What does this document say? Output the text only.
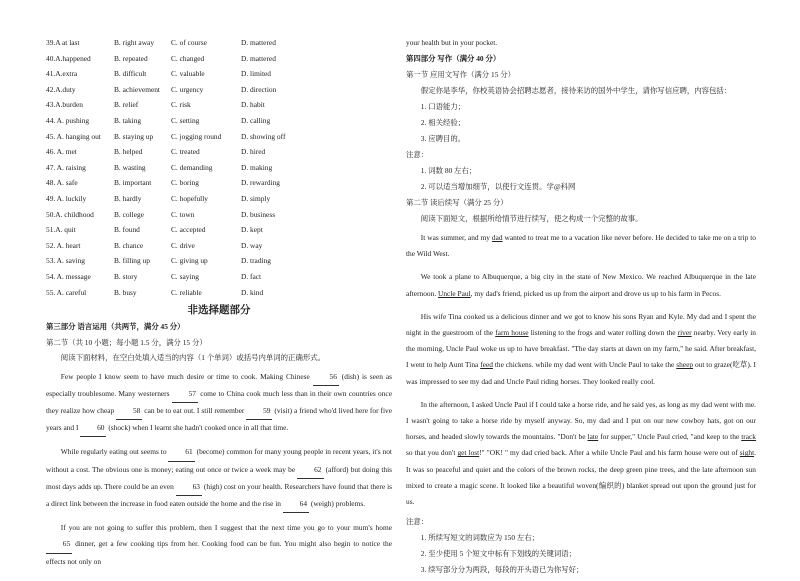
39.A at last	B. right away	C. of course	D. mattered
40.A.happened	B. repeated	C. changed	D. mattered
41.A.extra	B. difficult	C. valuable	D. limited
42.A.duty	B. achievement	C. urgency	D. direction
43.A.burden	B. relief	C. risk	D. habit
44. A. pushing	B. taking	C. setting	D. calling
45. A. hanging out	B. staying up	C. jogging round	D. showing off
46. A. met	B. helped	C. treated	D. hired
47. A. raising	B. wasting	C. demanding	D. making
48. A. safe	B. important	C. boring	D. rewarding
49. A. luckily	B. hardly	C. hopefully	D. simply
50.A. childhood	B. college	C. town	D. business
51.A. quit	B. found	C. accepted	D. kept
52. A. heart	B. chance	C. drive	D. way
53. A. saving	B. filling up	C. giving up	D. trading
54. A. message	B. story	C. saying	D. fact
55. A. careful	B. busy	C. reliable	D. kind
非选择题部分
第三部分 语言运用（共两节，满分 45 分）
第二节（共 10 小题；每小题 1.5 分，满分 15 分）
阅读下面材料，在空白处填入适当的内容（1 个单词）或括号内单词的正确形式。

Few people I know seem to have much desire or time to cook. Making Chinese 56 (dish) is seen as especially troublesome. Many westerners 57 come to China cook much less than in their own countries once they realize how cheap 58 can be to eat out. I still remember 59 (visit) a friend who'd lived here for five years and I 60 (shock) when I learnt she hadn't cooked once in all that time.

While regularly eating out seems to 61 (become) common for many young people in recent years, it's not without a cost. The obvious one is money; eating out once or twice a week may be 62 (afford) but doing this most days adds up. There could be an even 63 (high) cost on your health. Researchers have found that there is a direct link between the increase in food eaten outside the home and the rise in 64 (weigh) problems.

If you are not going to suffer this problem, then I suggest that the next time you go to your mum's home 65 dinner, get a few cooking tips from her. Cooking food can be fun. You might also begin to notice the effects not only on

your health but in your pocket.
第四部分 写作（满分 40 分）
第一节 应用文写作（满分 15 分）
假定你是李华，你校英语协会招聘志愿者，接待来访的国外中学生，请你写信应聘，内容包括：
1. 口语能力；
2. 相关经验；
3. 应聘目的。
注意：
1. 词数 80 左右；
2. 可以适当增加细节，以使行文连贯。学@科网
第二节 读后续写（满分 25 分）
阅读下面短文，根据所给情节进行续写，使之构成一个完整的故事。

It was summer, and my dad wanted to treat me to a vacation like never before. He decided to take me on a trip to the Wild West.

We took a plane to Albuquerque, a big city in the state of New Mexico. We reached Albuquerque in the late afternoon. Uncle Paul, my dad's friend, picked us up from the airport and drove us up to his farm in Pecos.

His wife Tina cooked us a delicious dinner and we got to know his sons Ryan and Kyle. My dad and I spent the night in the guestroom of the farm house listening to the frogs and water rolling down the river nearby. Very early in the morning, Uncle Paul woke us up to have breakfast. "The day starts at dawn on my farm," he said. After breakfast, I went to help Aunt Tina feed the chickens. while my dad went with Uncle Paul to take the sheep out to graze(吃草). I was impressed to see my dad and Uncle Paul riding horses. They looked really cool.

In the afternoon, I asked Uncle Paul if I could take a horse ride, and he said yes, as long as my dad went with me. I wasn't going to take a horse ride by myself anyway. So, my dad and I put on our new cowboy hats, got on our horses, and headed slowly towards the mountains. "Don't be late for supper," Uncle Paul cried, "and keep to the track so that you don't get lost!" "OK! " my dad cried back. After a while Uncle Paul and his farm house were out of sight. It was so peaceful and quiet and the colors of the brown rocks, the deep green pine trees, and the late afternoon sun mixed to create a magic scene. It looked like a beautiful woven(编织的) blanket spread out upon the ground just for us.

注意：
1. 所续写短文的词数应为 150 左右；
2. 至少使用 5 个短文中标有下划线的关键词语；
3. 续写部分分为两段，每段的开头语已为你写好；
